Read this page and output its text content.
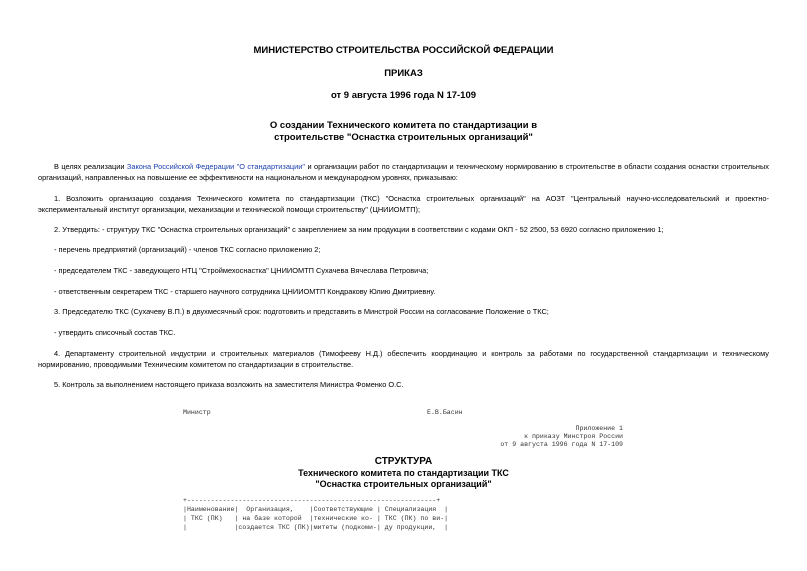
МИНИСТЕРСТВО СТРОИТЕЛЬСТВА РОССИЙСКОЙ ФЕДЕРАЦИИ
ПРИКАЗ
от 9 августа 1996 года N 17-109
О создании Технического комитета по стандартизации в
строительстве "Оснастка строительных организаций"
В целях реализации Закона Российской Федерации "О стандартизации" и организации работ по стандартизации и техническому нормированию в строительстве в области создания оснастки строительных организаций, направленных на повышение ее эффективности на национальном и международном уровнях, приказываю:
1. Возложить организацию создания Технического комитета по стандартизации (ТКС) "Оснастка строительных организаций" на АОЗТ "Центральный научно-исследовательский и проектно-экспериментальный институт организации, механизации и технической помощи строительству" (ЦНИИОМТП);
2. Утвердить: - структуру ТКС "Оснастка строительных организаций" с закреплением за ним продукции в соответствии с кодами ОКП - 52 2500, 53 6920 согласно приложению 1;
- перечень предприятий (организаций) - членов ТКС согласно приложению 2;
- председателем ТКС - заведующего НТЦ "Строймехоснастка" ЦНИИОМТП Сухачева Вячеслава Петровича;
- ответственным секретарем ТКС - старшего научного сотрудника ЦНИИОМТП Кондракову Юлию Дмитриевну.
3. Председателю ТКС (Сухачеву В.П.) в двухмесячный срок: подготовить и представить в Минстрой России на согласование Положение о ТКС;
- утвердить списочный состав ТКС.
4. Департаменту строительной индустрии и строительных материалов (Тимофееву Н.Д.) обеспечить координацию и контроль за работами по государственной стандартизации и техническому нормированию, проводимыми Техническим комитетом по стандартизации в строительстве.
5. Контроль за выполнением настоящего приказа возложить на заместителя Министра Фоменко О.С.
Министр	Е.В.Басин
Приложение 1
к приказу Минстроя России
от 9 августа 1996 года N 17-109
СТРУКТУРА
Технического комитета по стандартизации ТКС
"Оснастка строительных организаций"
+---------------------------------------------------------------+
|Наименование|  Организация,    |Соответствующие | Специализация  |
| ТКС (ПК)   | на базе которой  |технические ко- | ТКС (ПК) по ви-|
|            |создается ТКС (ПК)|митеты (подкоми-| ду продукции,  |
